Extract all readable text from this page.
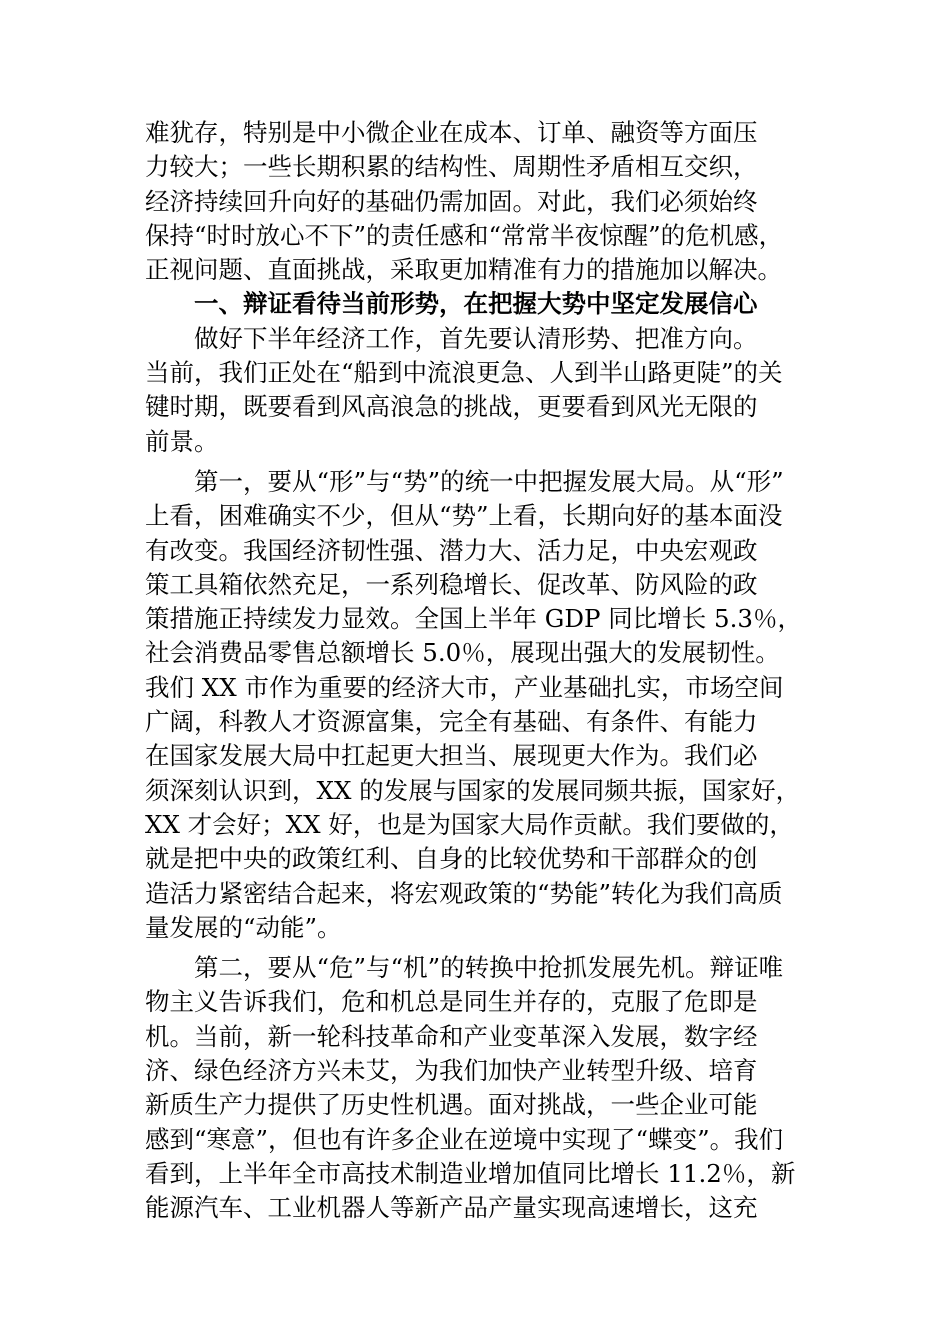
难犹存，特别是中小微企业在成本、订单、融资等方面压
力较大；一些长期积累的结构性、周期性矛盾相互交织，
经济持续回升向好的基础仍需加固。对此，我们必须始终
保持“时时放心不下”的责任感和“常常半夜惊醒”的危机感，
正视问题、直面挑战，采取更加精准有力的措施加以解决。
一、辩证看待当前形势，在把握大势中坚定发展信心
做好下半年经济工作，首先要认清形势、把准方向。
当前，我们正处在“船到中流浪更急、人到半山路更陡”的关
键时期，既要看到风高浪急的挑战，更要看到风光无限的
前景。
第一，要从“形”与“势”的统一中把握发展大局。从“形”
上看，困难确实不少，但从“势”上看，长期向好的基本面没
有改变。我国经济韧性强、潜力大、活力足，中央宏观政
策工具箱依然充足，一系列稳增长、促改革、防风险的政
策措施正持续发力显效。全国上半年 GDP 同比增长 5.3％，
社会消费品零售总额增长 5.0％，展现出强大的发展韧性。
我们 XX 市作为重要的经济大市，产业基础扎实，市场空间
广阔，科教人才资源富集，完全有基础、有条件、有能力
在国家发展大局中扛起更大担当、展现更大作为。我们必
须深刻认识到，XX 的发展与国家的发展同频共振，国家好，
XX 才会好；XX 好，也是为国家大局作贡献。我们要做的，
就是把中央的政策红利、自身的比较优势和干部群众的创
造活力紧密结合起来，将宏观政策的“势能”转化为我们高质
量发展的“动能”。
第二，要从“危”与“机”的转换中抢抓发展先机。辩证唯
物主义告诉我们，危和机总是同生并存的，克服了危即是
机。当前，新一轮科技革命和产业变革深入发展，数字经
济、绿色经济方兴未艾，为我们加快产业转型升级、培育
新质生产力提供了历史性机遇。面对挑战，一些企业可能
感到“寒意”，但也有许多企业在逆境中实现了“蝶变”。我们
看到，上半年全市高技术制造业增加值同比增长 11.2％，新
能源汽车、工业机器人等新产品产量实现高速增长，这充
